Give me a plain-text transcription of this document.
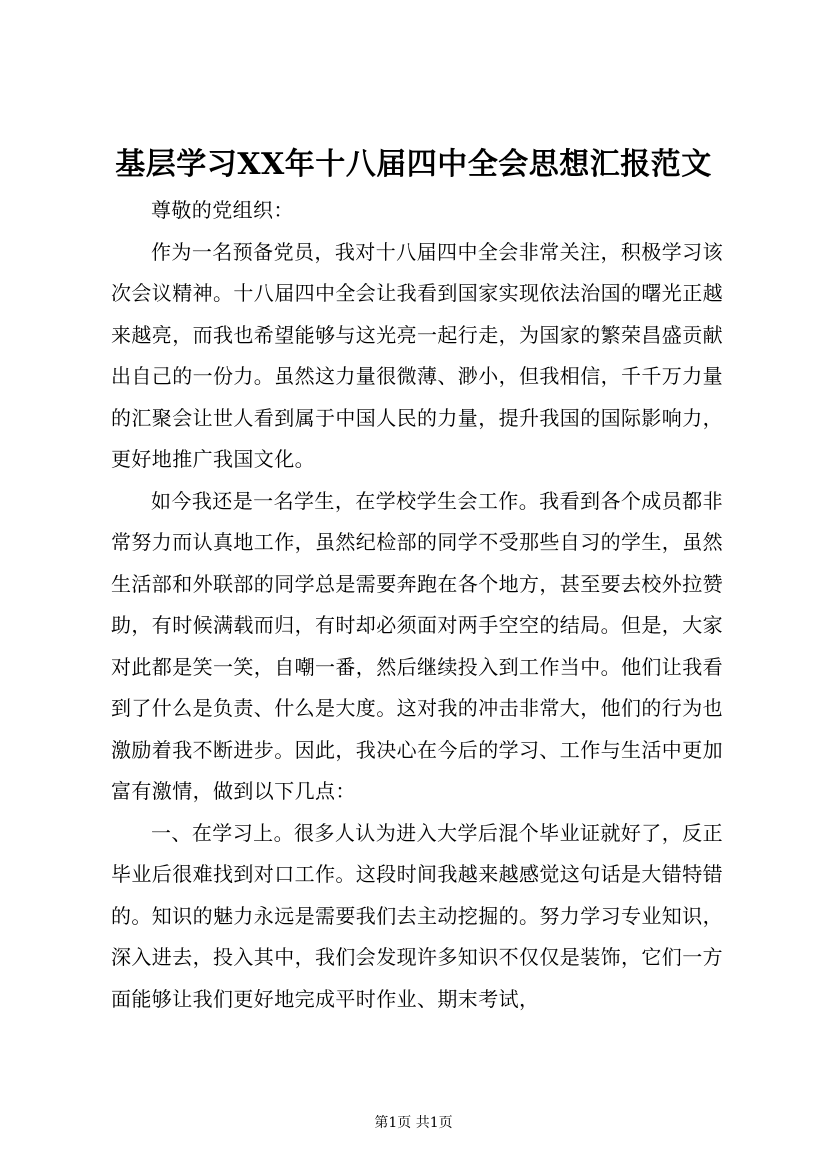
基层学习XX年十八届四中全会思想汇报范文

尊敬的党组织：

作为一名预备党员，我对十八届四中全会非常关注，积极学习该次会议精神。十八届四中全会让我看到国家实现依法治国的曙光正越来越亮，而我也希望能够与这光亮一起行走，为国家的繁荣昌盛贡献出自己的一份力。虽然这力量很微薄、渺小，但我相信，千千万力量的汇聚会让世人看到属于中国人民的力量，提升我国的国际影响力，更好地推广我国文化。

如今我还是一名学生，在学校学生会工作。我看到各个成员都非常努力而认真地工作，虽然纪检部的同学不受那些自习的学生，虽然生活部和外联部的同学总是需要奔跑在各个地方，甚至要去校外拉赞助，有时候满载而归，有时却必须面对两手空空的结局。但是，大家对此都是笑一笑，自嘲一番，然后继续投入到工作当中。他们让我看到了什么是负责、什么是大度。这对我的冲击非常大，他们的行为也激励着我不断进步。因此，我决心在今后的学习、工作与生活中更加富有激情，做到以下几点：

一、在学习上。很多人认为进入大学后混个毕业证就好了，反正毕业后很难找到对口工作。这段时间我越来越感觉这句话是大错特错的。知识的魅力永远是需要我们去主动挖掘的。努力学习专业知识，深入进去，投入其中，我们会发现许多知识不仅仅是装饰，它们一方面能够让我们更好地完成平时作业、期末考试，

第1页 共1页
